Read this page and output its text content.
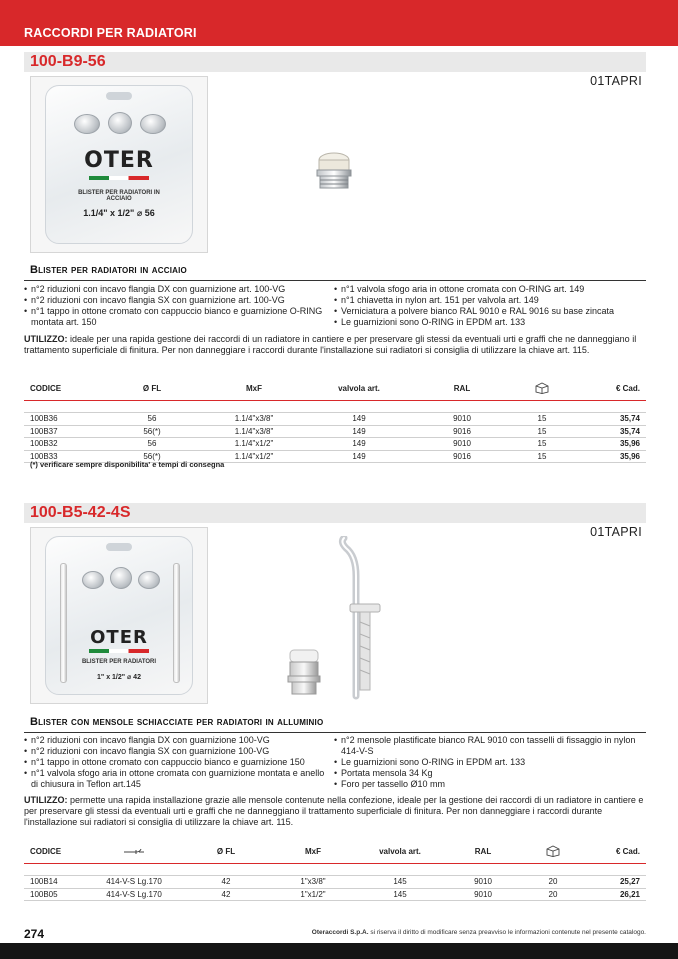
RACCORDI PER RADIATORI
100-B9-56
01TAPRI
OTER
BLISTER PER RADIATORI IN ACCIAIO
1.1/4" x 1/2" ⌀ 56
Blister per radiatori in acciaio
• n°2 riduzioni con incavo flangia DX con guarnizione art. 100-VG
• n°2 riduzioni con incavo flangia SX con guarnizione art. 100-VG
• n°1 tappo in ottone cromato con cappuccio bianco e guarnizione O-RING montata art. 150
• n°1 valvola sfogo aria in ottone cromata con O-RING art. 149
• n°1 chiavetta in nylon art. 151 per valvola art. 149
• Verniciatura a polvere bianco RAL 9010 e RAL 9016 su base zincata
• Le guarnizioni sono O-RING in EPDM art. 133
UTILIZZO: ideale per una rapida gestione dei raccordi di un radiatore in cantiere e per preservare gli stessi da eventuali urti e graffi che ne danneggiano il trattamento superficiale di finitura. Per non danneggiare i raccordi durante l'installazione sui radiatori si consiglia di utilizzare la chiave art. 115.
CODICE	Ø FL	MxF	valvola art.	RAL		€ Cad.

100B36	56	1.1/4"x3/8"	149	9010	15	35,74
100B37	56(*)	1.1/4"x3/8"	149	9016	15	35,74
100B32	56	1.1/4"x1/2"	149	9010	15	35,96
100B33	56(*)	1.1/4"x1/2"	149	9016	15	35,96
(*) verificare sempre disponibilita' e tempi di consegna
100-B5-42-4S
01TAPRI
OTER
BLISTER PER RADIATORI
1" x 1/2" ⌀ 42
Blister con mensole schiacciate per radiatori in alluminio
• n°2 riduzioni con incavo flangia DX con guarnizione 100-VG
• n°2 riduzioni con incavo flangia SX con guarnizione 100-VG
• n°1 tappo in ottone cromato con cappuccio bianco e guarnizione 150
• n°1 valvola sfogo aria in ottone cromata con guarnizione montata e anello di chiusura in Teflon art.145
• n°2 mensole plastificate bianco RAL 9010 con tasselli di fissaggio in nylon 414-V-S
• Le guarnizioni sono O-RING in EPDM art. 133
• Portata mensola 34 Kg
• Foro per tassello Ø10 mm
UTILIZZO: permette una rapida installazione grazie alle mensole contenute nella confezione, ideale per la gestione dei raccordi di un radiatore in cantiere e per preservare gli stessi da eventuali urti e graffi che ne danneggiano il trattamento superficiale di finitura. Per non danneggiare i raccordi durante l'installazione sui radiatori si consiglia di utilizzare la chiave art. 115.
CODICE		Ø FL	MxF	valvola art.	RAL		€ Cad.

100B14	414-V-S Lg.170	42	1"x3/8"	145	9010	20	25,27
100B05	414-V-S Lg.170	42	1"x1/2"	145	9010	20	26,21
274	Oteraccordi S.p.A. si riserva il diritto di modificare senza preavviso le informazioni contenute nel presente catalogo.
